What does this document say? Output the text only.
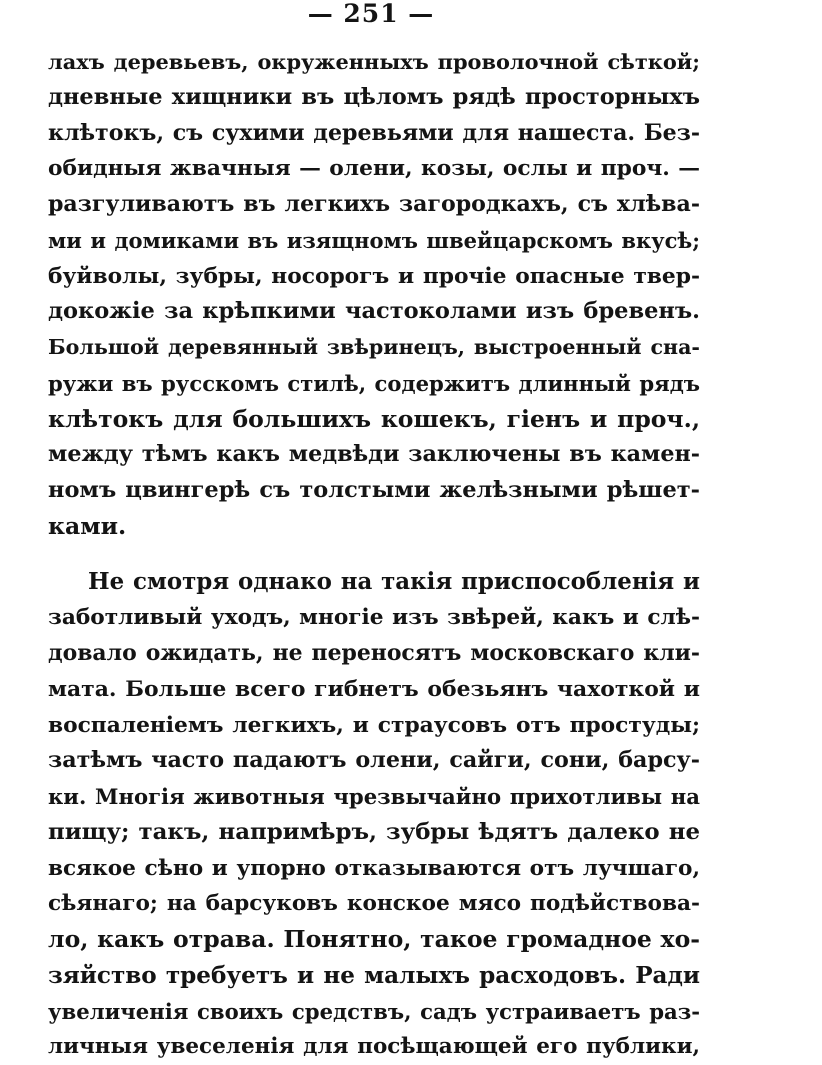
— 251 —
лахъ деревьевъ, окруженныхъ проволочной сѣткой;
дневные хищники въ цѣломъ рядѣ просторныхъ
клѣтокъ, съ сухими деревьями для нашеста. Без-
обидныя жвачныя — олени, козы, ослы и проч. —
разгуливаютъ въ легкихъ загородкахъ, съ хлѣва-
ми и домиками въ изящномъ швейцарскомъ вкусѣ;
буйволы, зубры, носорогъ и прочіе опасные твер-
докожіе за крѣпкими частоколами изъ бревенъ.
Большой деревянный звѣринецъ, выстроенный сна-
ружи въ русскомъ стилѣ, содержитъ длинный рядъ
клѣтокъ для большихъ кошекъ, гіенъ и проч.,
между тѣмъ какъ медвѣди заключены въ камен-
номъ цвингерѣ съ толстыми желѣзными рѣшет-
ками.
Не смотря однако на такія приспособленія и
заботливый уходъ, многіе изъ звѣрей, какъ и слѣ-
довало ожидать, не переносятъ московскаго кли-
мата. Больше всего гибнетъ обезьянъ чахоткой и
воспаленіемъ легкихъ, и страусовъ отъ простуды;
затѣмъ часто падаютъ олени, сайги, сони, барсу-
ки. Многія животныя чрезвычайно прихотливы на
пищу; такъ, напримѣръ, зубры ѣдятъ далеко не
всякое сѣно и упорно отказываются отъ лучшаго,
сѣянаго; на барсуковъ конское мясо подѣйствова-
ло, какъ отрава. Понятно, такое громадное хо-
зяйство требуетъ и не малыхъ расходовъ. Ради
увеличенія своихъ средствъ, садъ устраиваетъ раз-
личныя увеселенія для посѣщающей его публики,
